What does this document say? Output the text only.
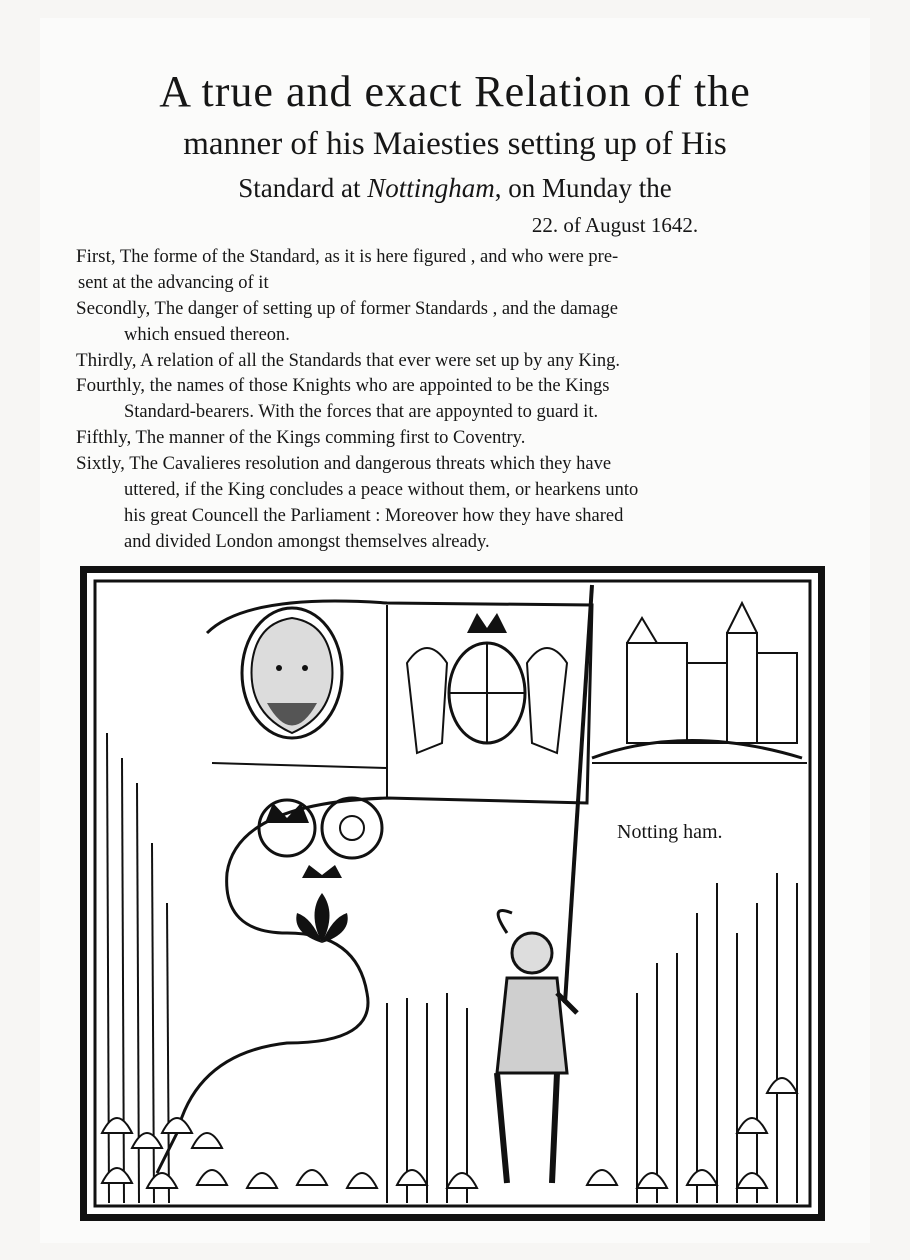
A true and exact Relation of the
manner of his Maiesties setting up of His
Standard at Nottingham, on Munday the
22. of August 1642.
First, The forme of the Standard, as it is here figured , and who were pre-
sent at the advancing of it
Secondly, The danger of setting up of former Standards , and the damage
which ensued thereon.
Thirdly, A relation of all the Standards that ever were set up by any King.
Fourthly, the names of those Knights who are appointed to be the Kings
Standard-bearers. With the forces that are appoynted to guard it.
Fifthly, The manner of the Kings comming first to Coventry.
Sixtly, The Cavalieres resolution and dangerous threats which they have
uttered, if the King concludes a peace without them, or hearkens unto
his great Councell the Parliament : Moreover how they have shared
and divided London amongst themselves already.
Notting ham.
